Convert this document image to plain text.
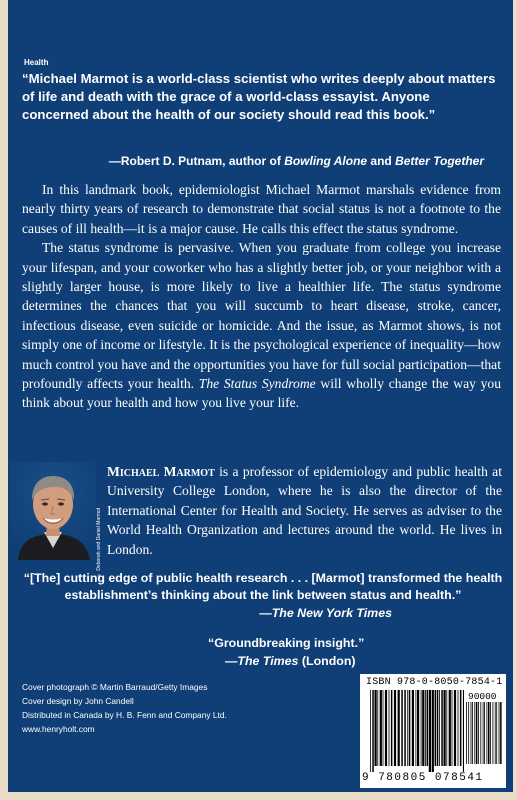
Health
“Michael Marmot is a world-class scientist who writes deeply about matters of life and death with the grace of a world-class essayist. Anyone concerned about the health of our society should read this book.”
—Robert D. Putnam, author of Bowling Alone and Better Together

In this landmark book, epidemiologist Michael Marmot marshals evidence from nearly thirty years of research to demonstrate that social status is not a footnote to the causes of ill health—it is a major cause. He calls this effect the status syndrome.

The status syndrome is pervasive. When you graduate from college you increase your lifespan, and your coworker who has a slightly better job, or your neighbor with a slightly larger house, is more likely to live a healthier life. The status syndrome determines the chances that you will succumb to heart disease, stroke, cancer, infectious disease, even suicide or homicide. And the issue, as Marmot shows, is not simply one of income or lifestyle. It is the psychological experience of inequality—how much control you have and the opportunities you have for full social participation—that profoundly affects your health. The Status Syndrome will wholly change the way you think about your health and how you live your life.

© Deborah and Daniel Marmot
Michael Marmot is a professor of epidemiology and public health at University College London, where he is also the director of the International Center for Health and Society. He serves as adviser to the World Health Organization and lectures around the world. He lives in London.
“[The] cutting edge of public health research . . . [Marmot] transformed the health establishment’s thinking about the link between status and health.”
—The New York Times
“Groundbreaking insight.”
—The Times (London)
Cover photograph © Martin Barraud/Getty Images
Cover design by John Candell
Distributed in Canada by H. B. Fenn and Company Ltd.
www.henryholt.com
ISBN 978-0-8050-7854-1
90000
9 780805 078541
